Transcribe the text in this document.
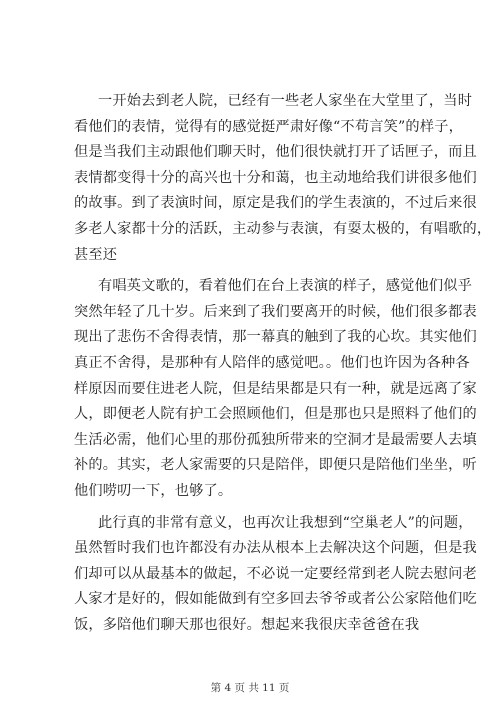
一开始去到老人院，已经有一些老人家坐在大堂里了，当时
看他们的表情，觉得有的感觉挺严肃好像“不苟言笑”的样子，
但是当我们主动跟他们聊天时，他们很快就打开了话匣子，而且
表情都变得十分的高兴也十分和蔼，也主动地给我们讲很多他们
的故事。到了表演时间，原定是我们的学生表演的，不过后来很
多老人家都十分的活跃，主动参与表演，有耍太极的，有唱歌的，
甚至还
有唱英文歌的，看着他们在台上表演的样子，感觉他们似乎
突然年轻了几十岁。后来到了我们要离开的时候，他们很多都表
现出了悲伤不舍得表情，那一幕真的触到了我的心坎。其实他们
真正不舍得，是那种有人陪伴的感觉吧。。他们也许因为各种各
样原因而要住进老人院，但是结果都是只有一种，就是远离了家
人，即便老人院有护工会照顾他们，但是那也只是照料了他们的
生活必需，他们心里的那份孤独所带来的空洞才是最需要人去填
补的。其实，老人家需要的只是陪伴，即便只是陪他们坐坐，听
他们唠叨一下，也够了。
此行真的非常有意义，也再次让我想到“空巢老人”的问题，
虽然暂时我们也许都没有办法从根本上去解决这个问题，但是我
们却可以从最基本的做起，不必说一定要经常到老人院去慰问老
人家才是好的，假如能做到有空多回去爷爷或者公公家陪他们吃
饭，多陪他们聊天那也很好。想起来我很庆幸爸爸在我
第 4 页 共 11 页
